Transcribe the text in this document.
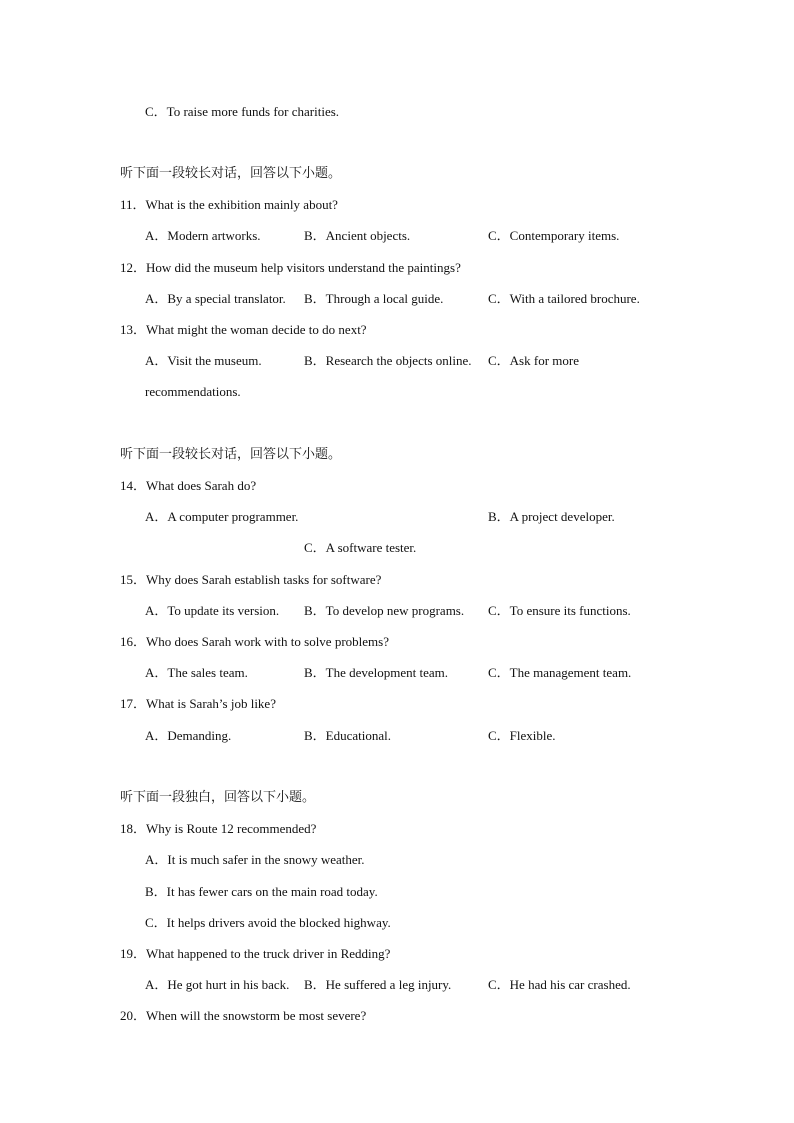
C．To raise more funds for charities.
听下面一段较长对话，回答以下小题。
11．What is the exhibition mainly about?
A．Modern artworks.	B．Ancient objects.	C．Contemporary items.
12．How did the museum help visitors understand the paintings?
A．By a special translator. B．Through a local guide.	C．With a tailored brochure.
13．What might the woman decide to do next?
A．Visit the museum.	B．Research the objects online. C．Ask for more
recommendations.
听下面一段较长对话，回答以下小题。
14．What does Sarah do?
A．A computer programmer.	B．A project developer.
C．A software tester.
15．Why does Sarah establish tasks for software?
A．To update its version. B．To develop new programs. C．To ensure its functions.
16．Who does Sarah work with to solve problems?
A．The sales team.	B．The development team.	C．The management team.
17．What is Sarah’s job like?
A．Demanding.	B．Educational.	C．Flexible.
听下面一段独白，回答以下小题。
18．Why is Route 12 recommended?
A．It is much safer in the snowy weather.
B．It has fewer cars on the main road today.
C．It helps drivers avoid the blocked highway.
19．What happened to the truck driver in Redding?
A．He got hurt in his back. B．He suffered a leg injury.	C．He had his car crashed.
20．When will the snowstorm be most severe?
